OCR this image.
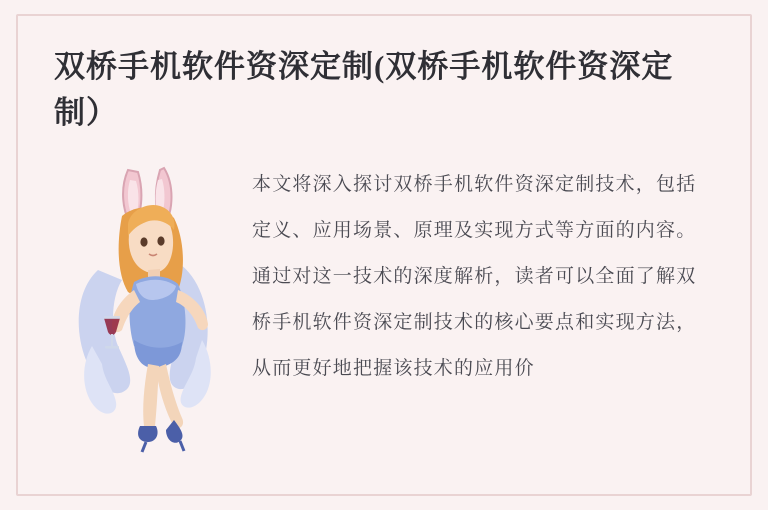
双桥手机软件资深定制(双桥手机软件资深定制）
本文将深入探讨双桥手机软件资深定制技术，包括定义、应用场景、原理及实现方式等方面的内容。通过对这一技术的深度解析，读者可以全面了解双桥手机软件资深定制技术的核心要点和实现方法，从而更好地把握该技术的应用价
